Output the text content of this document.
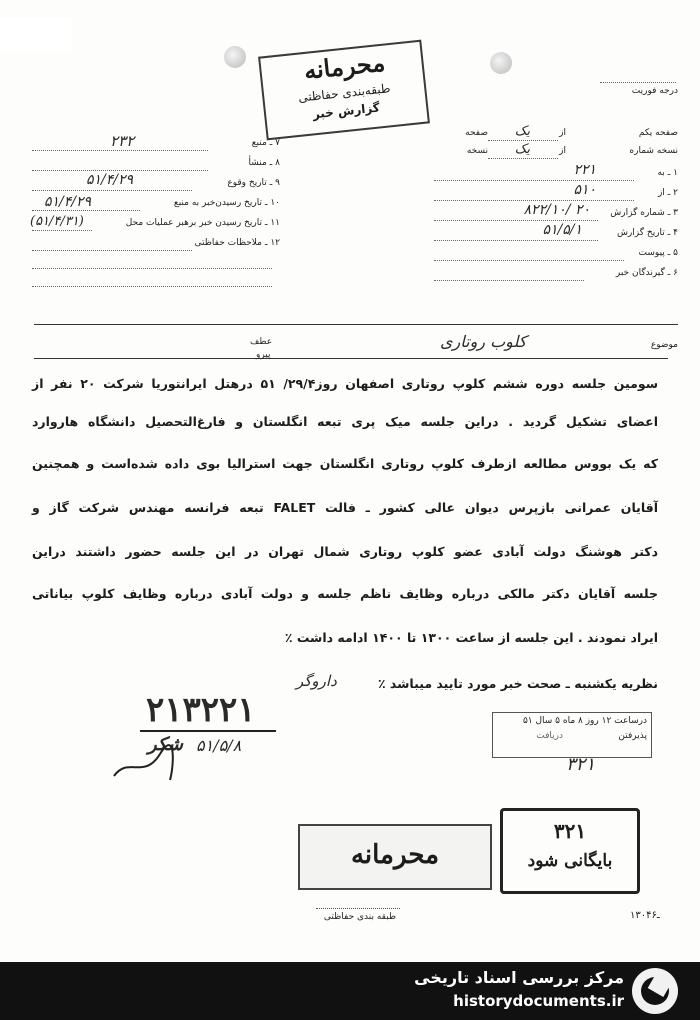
درجه فوریت
محرمانه
طبقه‌بندی حفاظتی
گزارش خبر
صفحه یکم
از
صفحه یک
نسخه شماره
از
نسخه یک
۱ ـ به
۲۲۱
۲ ـ از
۵۱۰
۳ ـ شماره گزارش
۸۲۲/۱۰/ ۲۰
۴ ـ تاریخ گزارش
۵۱/۵/۱
۵ ـ پیوست
۶ ـ گیرندگان خبر
۷ ـ منبع
۲۳۲
۸ ـ منشأ
۹ ـ تاریخ وقوع
۵۱/۴/۲۹
۱۰ ـ تاریخ رسیدن‌خبر به منبع
۵۱/۴/۲۹
۱۱ ـ تاریخ رسیدن خبر برهبر عملیات محل
(۵۱/۴/۳۱)
۱۲ ـ ملاحظات حفاظتی
موضوع
کلوب روتاری
عطف
پیرو
سومین جلسه دوره ششم کلوپ روتاری اصفهان روز۲۹/۴/ ۵۱ درهتل ایرانتوریا شرکت ۲۰ نفر از
اعضای تشکیل گردید . دراین جلسه میک پری تبعه انگلستان و فارغ‌التحصیل دانشگاه هاروارد
که یک بووس مطالعه ازطرف کلوپ روتاری انگلستان جهت استرالیا بوی داده شده‌است و همچنین
آقایان عمرانی بازپرس دیوان عالی کشور ـ فالت FALET تبعه فرانسه مهندس شرکت گاز و
دکتر هوشنگ دولت آبادی عضو کلوپ روتاری شمال تهران در این جلسه حضور داشتند دراین
جلسه آقایان دکتر مالکی درباره وظایف ناظم جلسه و دولت آبادی درباره وظایف کلوپ بیاناتی
ایراد نمودند . این جلسه از ساعت ۱۳۰۰ تا ۱۴۰۰ ادامه داشت ٪
نظریه یکشنبه ـ صحت خبر مورد تایید میباشد ٪
داروگر
۲۱۳۲۲۱
۵۱/۵/۸
شکر
درساعت ۱۲ روز ۸ ماه ۵ سال ۵۱
پذیرفتن
دریافت
۳۲۱
۳۲۱
بایگانی شود
محرمانه
طبقه بندی حفاظتی	۱۳۰ـ۴۶
مرکز بررسی اسناد تاریخی
historydocuments.ir
